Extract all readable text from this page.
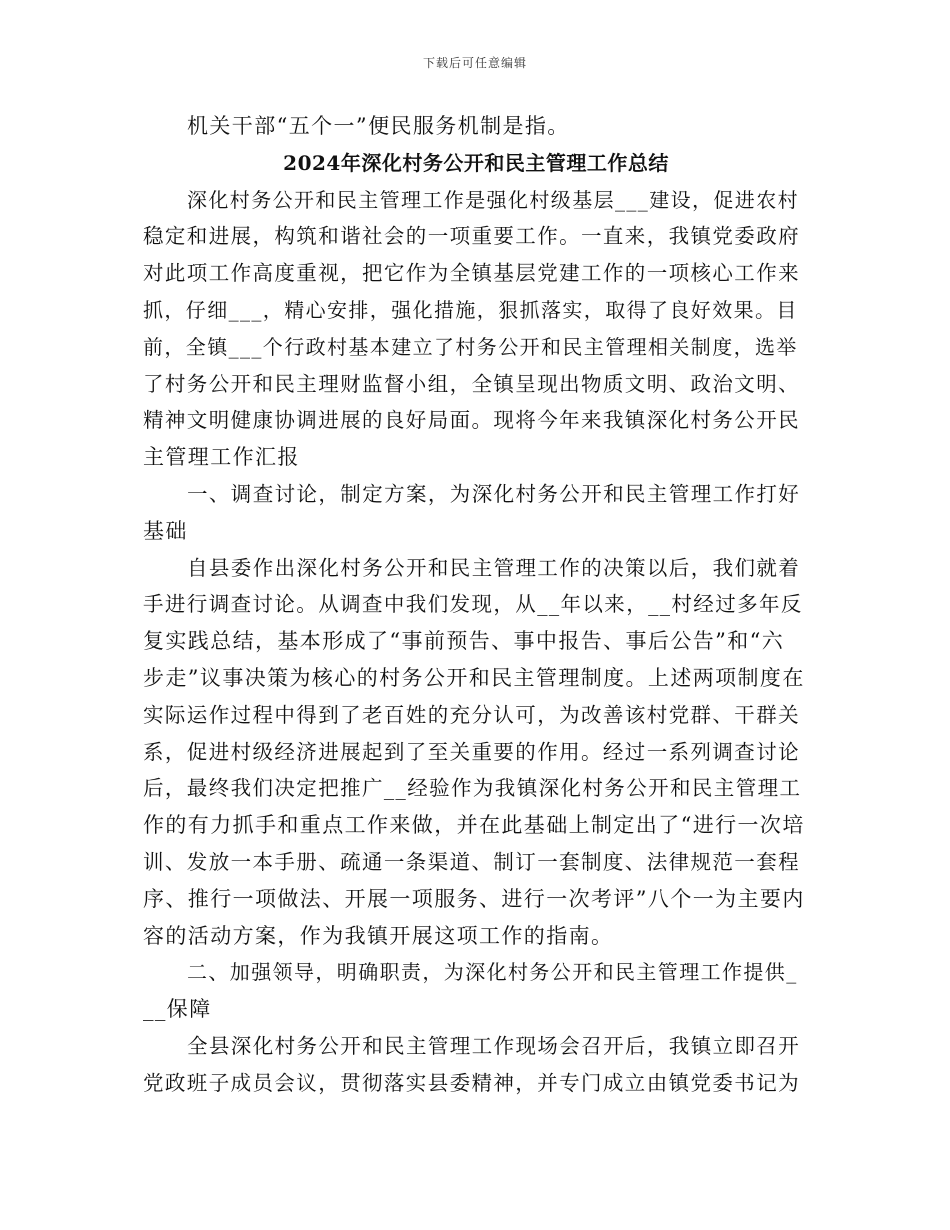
下载后可任意编辑
机关干部“五个一”便民服务机制是指。
2024年深化村务公开和民主管理工作总结
深化村务公开和民主管理工作是强化村级基层___建设，促进农村
稳定和进展，构筑和谐社会的一项重要工作。一直来，我镇党委政府
对此项工作高度重视，把它作为全镇基层党建工作的一项核心工作来
抓，仔细___，精心安排，强化措施，狠抓落实，取得了良好效果。目
前，全镇___个行政村基本建立了村务公开和民主管理相关制度，选举
了村务公开和民主理财监督小组，全镇呈现出物质文明、政治文明、
精神文明健康协调进展的良好局面。现将今年来我镇深化村务公开民
主管理工作汇报
一、调查讨论，制定方案，为深化村务公开和民主管理工作打好
基础
自县委作出深化村务公开和民主管理工作的决策以后，我们就着
手进行调查讨论。从调查中我们发现，从__年以来，__村经过多年反
复实践总结，基本形成了“事前预告、事中报告、事后公告”和“六
步走”议事决策为核心的村务公开和民主管理制度。上述两项制度在
实际运作过程中得到了老百姓的充分认可，为改善该村党群、干群关
系，促进村级经济进展起到了至关重要的作用。经过一系列调查讨论
后，最终我们决定把推广__经验作为我镇深化村务公开和民主管理工
作的有力抓手和重点工作来做，并在此基础上制定出了“进行一次培
训、发放一本手册、疏通一条渠道、制订一套制度、法律规范一套程
序、推行一项做法、开展一项服务、进行一次考评”八个一为主要内
容的活动方案，作为我镇开展这项工作的指南。
二、加强领导，明确职责，为深化村务公开和民主管理工作提供_
__保障
全县深化村务公开和民主管理工作现场会召开后，我镇立即召开
党政班子成员会议，贯彻落实县委精神，并专门成立由镇党委书记为
